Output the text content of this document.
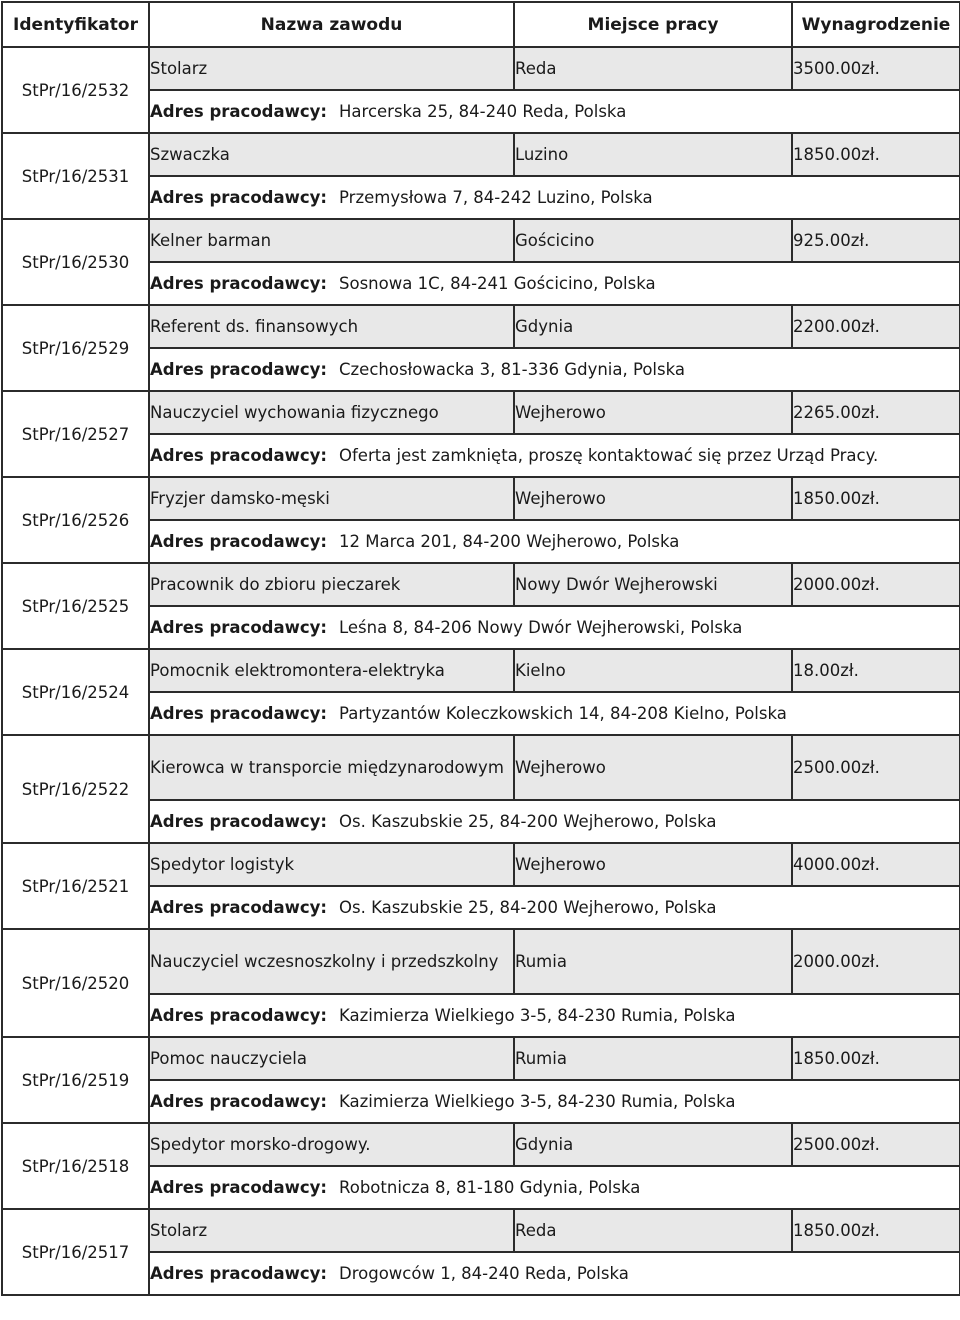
Identyfikator	Nazwa zawodu	Miejsce pracy	Wynagrodzenie
StPr/16/2532	Stolarz	Reda	3500.00zł.
	Adres pracodawcy: Harcerska 25, 84-240 Reda, Polska		
StPr/16/2531	Szwaczka	Luzino	1850.00zł.
	Adres pracodawcy: Przemysłowa 7, 84-242 Luzino, Polska		
StPr/16/2530	Kelner barman	Gościcino	925.00zł.
	Adres pracodawcy: Sosnowa 1C, 84-241 Gościcino, Polska		
StPr/16/2529	Referent ds. finansowych	Gdynia	2200.00zł.
	Adres pracodawcy: Czechosłowacka 3, 81-336 Gdynia, Polska		
StPr/16/2527	Nauczyciel wychowania fizycznego	Wejherowo	2265.00zł.
	Adres pracodawcy: Oferta jest zamknięta, proszę kontaktować się przez Urząd Pracy.		
StPr/16/2526	Fryzjer damsko-męski	Wejherowo	1850.00zł.
	Adres pracodawcy: 12 Marca 201, 84-200 Wejherowo, Polska		
StPr/16/2525	Pracownik do zbioru pieczarek	Nowy Dwór Wejherowski	2000.00zł.
	Adres pracodawcy: Leśna 8, 84-206 Nowy Dwór Wejherowski, Polska		
StPr/16/2524	Pomocnik elektromontera-elektryka	Kielno	18.00zł.
	Adres pracodawcy: Partyzantów Koleczkowskich 14, 84-208 Kielno, Polska		
StPr/16/2522	Kierowca w transporcie międzynarodowym	Wejherowo	2500.00zł.
	Adres pracodawcy: Os. Kaszubskie 25, 84-200 Wejherowo, Polska		
StPr/16/2521	Spedytor logistyk	Wejherowo	4000.00zł.
	Adres pracodawcy: Os. Kaszubskie 25, 84-200 Wejherowo, Polska		
StPr/16/2520	Nauczyciel wczesnoszkolny i przedszkolny	Rumia	2000.00zł.
	Adres pracodawcy: Kazimierza Wielkiego 3-5, 84-230 Rumia, Polska		
StPr/16/2519	Pomoc nauczyciela	Rumia	1850.00zł.
	Adres pracodawcy: Kazimierza Wielkiego 3-5, 84-230 Rumia, Polska		
StPr/16/2518	Spedytor morsko-drogowy.	Gdynia	2500.00zł.
	Adres pracodawcy: Robotnicza 8, 81-180 Gdynia, Polska		
StPr/16/2517	Stolarz	Reda	1850.00zł.
	Adres pracodawcy: Drogowców 1, 84-240 Reda, Polska		
